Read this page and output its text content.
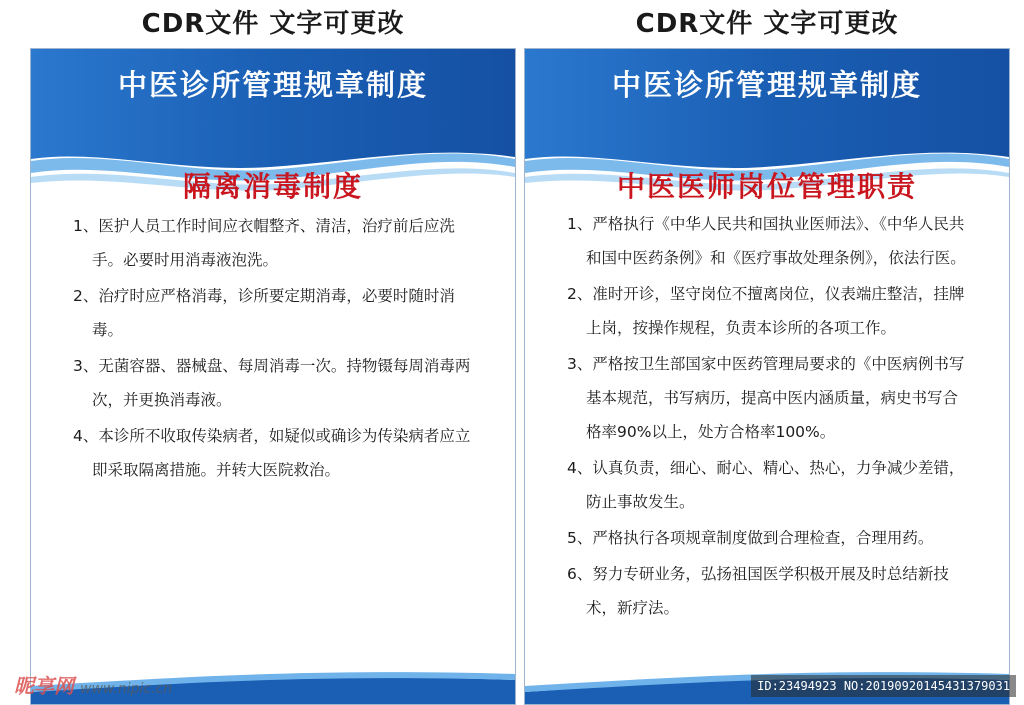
CDR文件 文字可更改	CDR文件 文字可更改
中医诊所管理规章制度
隔离消毒制度
1、医护人员工作时间应衣帽整齐、清洁，治疗前后应洗手。必要时用消毒液泡洗。
2、治疗时应严格消毒，诊所要定期消毒，必要时随时消毒。
3、无菌容器、器械盘、每周消毒一次。持物镊每周消毒两次，并更换消毒液。
4、本诊所不收取传染病者，如疑似或确诊为传染病者应立即采取隔离措施。并转大医院救治。
中医诊所管理规章制度
中医医师岗位管理职责
1、严格执行《中华人民共和国执业医师法》、《中华人民共和国中医药条例》和《医疗事故处理条例》，依法行医。
2、准时开诊，坚守岗位不擅离岗位，仪表端庄整洁，挂牌上岗，按操作规程，负责本诊所的各项工作。
3、严格按卫生部国家中医药管理局要求的《中医病例书写基本规范，书写病历，提高中医内涵质量，病史书写合格率90%以上，处方合格率100%。
4、认真负责，细心、耐心、精心、热心，力争减少差错，防止事故发生。
5、严格执行各项规章制度做到合理检查，合理用药。
6、努力专研业务，弘扬祖国医学积极开展及时总结新技术，新疗法。
昵享网 www.nipic.cn	ID:23494923 NO:20190920145431379031
